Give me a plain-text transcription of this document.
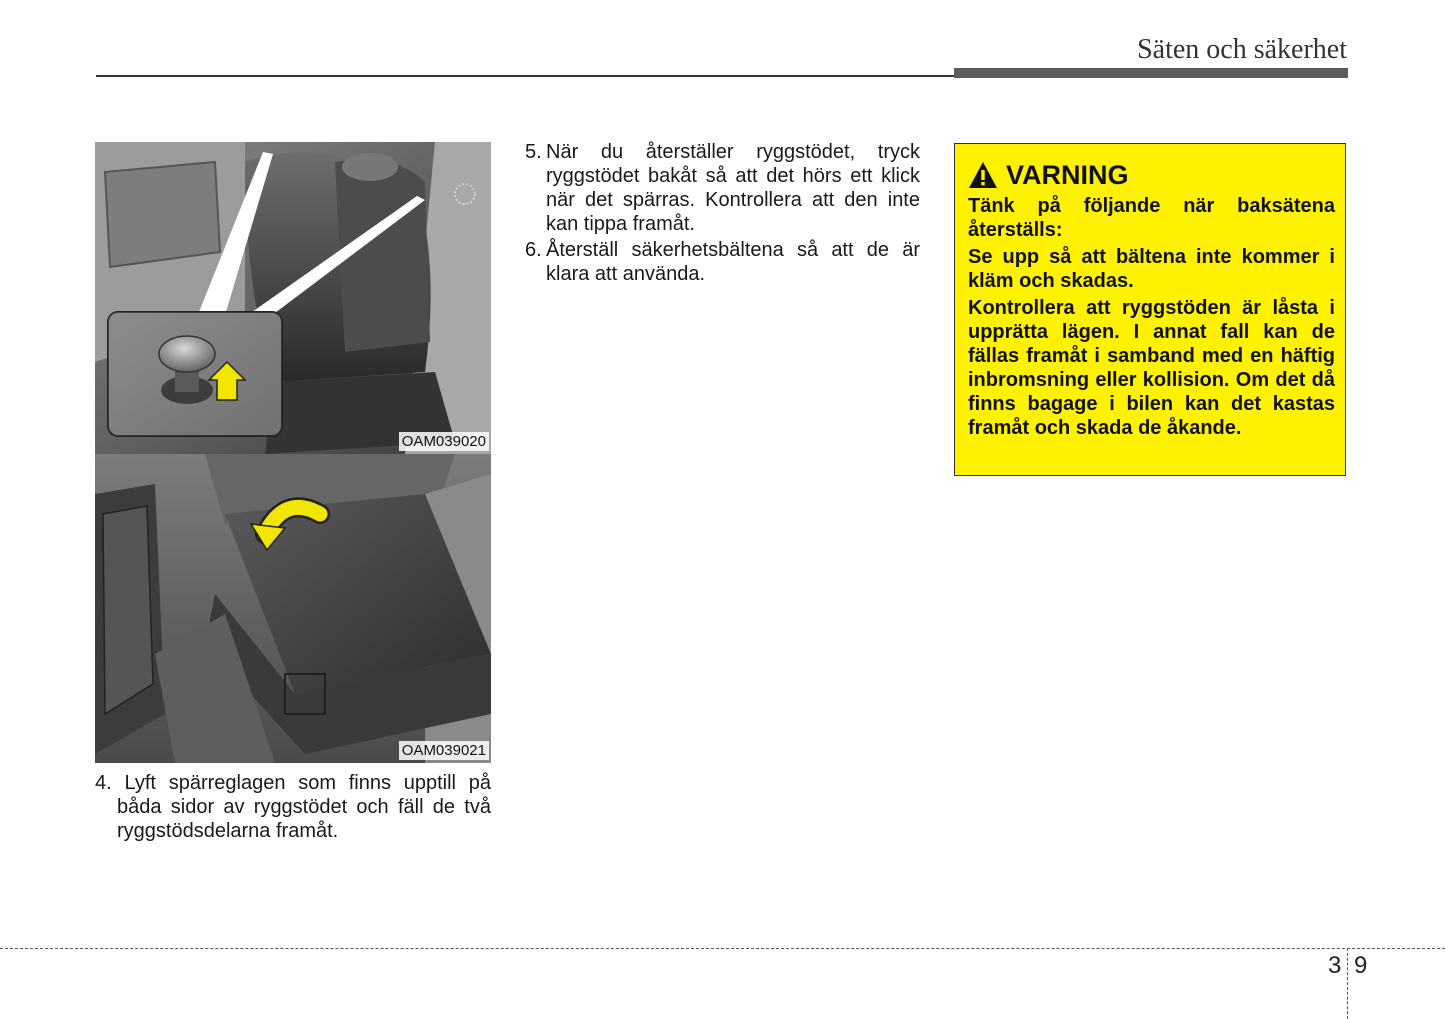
Säten och säkerhet
OAM039020
OAM039021
4. Lyft spärreglagen som finns upptill på båda sidor av ryggstödet och fäll de två ryggstödsdelarna framåt.
5. När du återställer ryggstödet, tryck ryggstödet bakåt så att det hörs ett klick när det spärras. Kontrollera att den inte kan tippa framåt.
6. Återställ säkerhetsbältena så att de är klara att använda.
VARNING

Tänk på följande när baksätena återställs:

Se upp så att bältena inte kommer i kläm och skadas.

Kontrollera att ryggstöden är låsta i upprätta lägen. I annat fall kan de fällas framåt i samband med en häftig inbromsning eller kollision. Om det då finns bagage i bilen kan det kastas framåt och skada de åkande.

3 9
